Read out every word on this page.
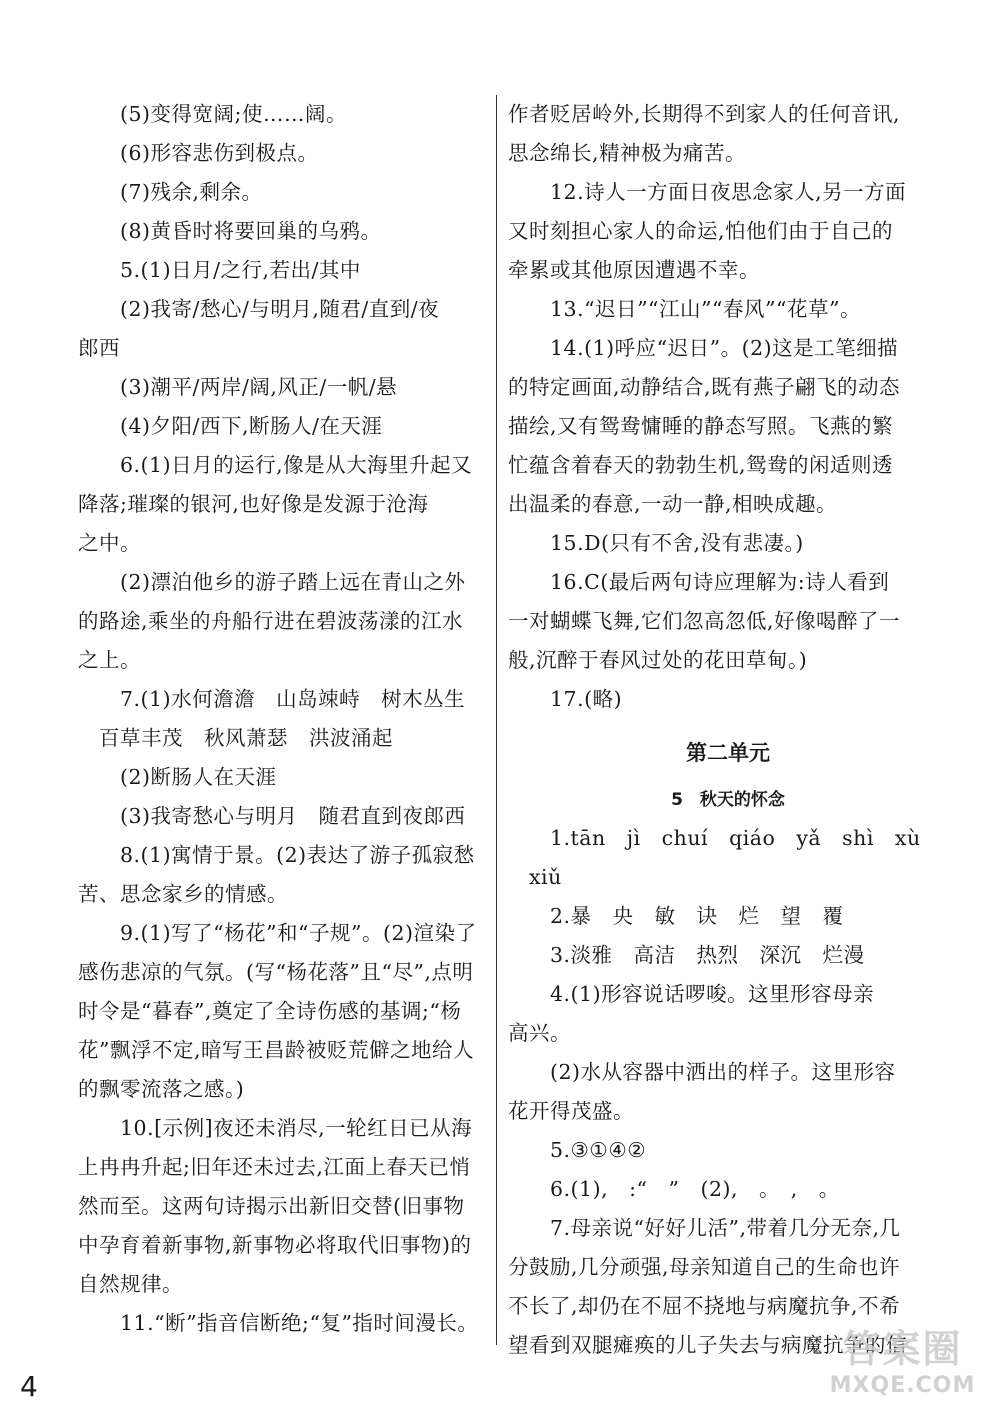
(5)变得宽阔;使……阔。
(6)形容悲伤到极点。
(7)残余,剩余。
(8)黄昏时将要回巢的乌鸦。
5.(1)日月/之行,若出/其中
(2)我寄/愁心/与明月,随君/直到/夜
郎西
(3)潮平/两岸/阔,风正/一帆/悬
(4)夕阳/西下,断肠人/在天涯
6.(1)日月的运行,像是从大海里升起又
降落;璀璨的银河,也好像是发源于沧海
之中。
(2)漂泊他乡的游子踏上远在青山之外
的路途,乘坐的舟船行进在碧波荡漾的江水
之上。
7.(1)水何澹澹　山岛竦峙　树木丛生
　百草丰茂　秋风萧瑟　洪波涌起
(2)断肠人在天涯
(3)我寄愁心与明月　随君直到夜郎西
8.(1)寓情于景。(2)表达了游子孤寂愁
苦、思念家乡的情感。
9.(1)写了“杨花”和“子规”。(2)渲染了
感伤悲凉的气氛。(写“杨花落”且“尽”,点明
时令是“暮春”,奠定了全诗伤感的基调;“杨
花”飘浮不定,暗写王昌龄被贬荒僻之地给人
的飘零流落之感。)
10.[示例]夜还未消尽,一轮红日已从海
上冉冉升起;旧年还未过去,江面上春天已悄
然而至。这两句诗揭示出新旧交替(旧事物
中孕育着新事物,新事物必将取代旧事物)的
自然规律。
11.“断”指音信断绝;“复”指时间漫长。
作者贬居岭外,长期得不到家人的任何音讯,
思念绵长,精神极为痛苦。
12.诗人一方面日夜思念家人,另一方面
又时刻担心家人的命运,怕他们由于自己的
牵累或其他原因遭遇不幸。
13.“迟日”“江山”“春风”“花草”。
14.(1)呼应“迟日”。(2)这是工笔细描
的特定画面,动静结合,既有燕子翩飞的动态
描绘,又有鸳鸯慵睡的静态写照。飞燕的繁
忙蕴含着春天的勃勃生机,鸳鸯的闲适则透
出温柔的春意,一动一静,相映成趣。
15.D(只有不舍,没有悲凄。)
16.C(最后两句诗应理解为:诗人看到
一对蝴蝶飞舞,它们忽高忽低,好像喝醉了一
般,沉醉于春风过处的花田草甸。)
17.(略)
第二单元
5　秋天的怀念
1.tān　jì　chuí　qiáo　yǎ　shì　xù
　xiǔ
2.暴　央　敏　诀　烂　望　覆
3.淡雅　高洁　热烈　深沉　烂漫
4.(1)形容说话啰唆。这里形容母亲
高兴。
(2)水从容器中洒出的样子。这里形容
花开得茂盛。
5.③①④②
6.(1),　:“　”　(2),　。　,　。
7.母亲说“好好儿活”,带着几分无奈,几
分鼓励,几分顽强,母亲知道自己的生命也许
不长了,却仍在不屈不挠地与病魔抗争,不希
望看到双腿瘫痪的儿子失去与病魔抗争的信
4
答案圈
MXQE.COM
